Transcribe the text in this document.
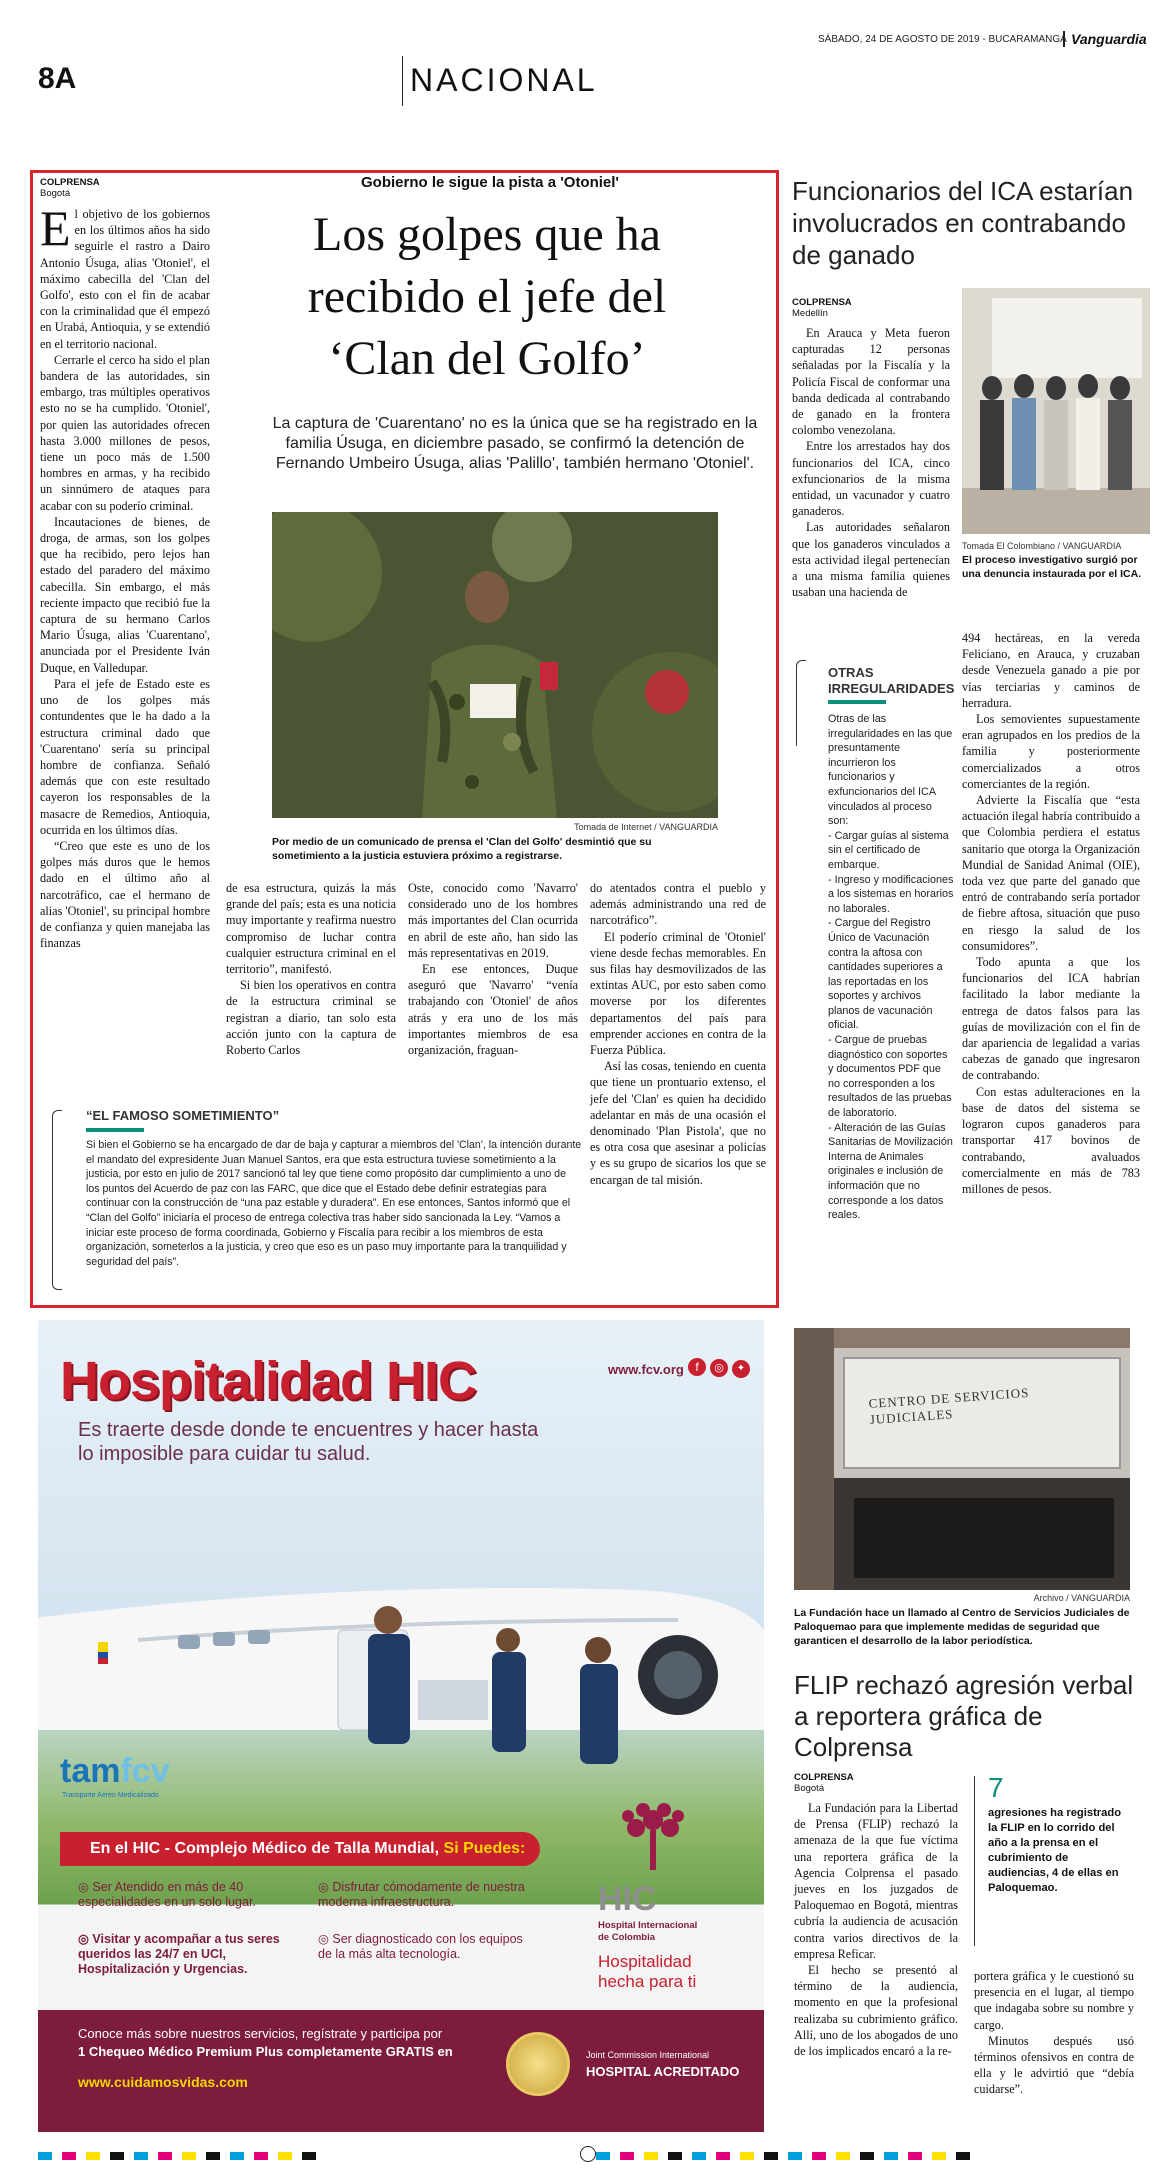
SÁBADO, 24 DE AGOSTO DE 2019 - BUCARAMANGA Vanguardia
8A	NACIONAL
Gobierno le sigue la pista a 'Otoniel'
Los golpes que ha recibido el jefe del ‘Clan del Golfo’
La captura de 'Cuarentano' no es la única que se ha registrado en la familia Úsuga, en diciembre pasado, se confirmó la detención de Fernando Umbeiro Úsuga, alias 'Palillo', también hermano 'Otoniel'.
COLPRENSA
Bogotá
E l objetivo de los gobiernos en los últimos años ha sido seguirle el rastro a Dairo Antonio Úsuga, alias 'Otoniel', el máximo cabecilla del 'Clan del Golfo', esto con el fin de acabar con la criminalidad que él empezó en Urabá, Antioquia, y se extendió en el territorio nacional.

Cerrarle el cerco ha sido el plan bandera de las autoridades, sin embargo, tras múltiples operativos esto no se ha cumplido. 'Otoniel', por quien las autoridades ofrecen hasta 3.000 millones de pesos, tiene un poco más de 1.500 hombres en armas, y ha recibido un sinnúmero de ataques para acabar con su poderío criminal.

Incautaciones de bienes, de droga, de armas, son los golpes que ha recibido, pero lejos han estado del paradero del máximo cabecilla. Sin embargo, el más reciente impacto que recibió fue la captura de su hermano Carlos Mario Úsuga, alias 'Cuarentano', anunciada por el Presidente Iván Duque, en Valledupar.

Para el jefe de Estado este es uno de los golpes más contundentes que le ha dado a la estructura criminal dado que 'Cuarentano' sería su principal hombre de confianza. Señaló además que con este resultado cayeron los responsables de la masacre de Remedios, Antioquia, ocurrida en los últimos días.

“Creo que este es uno de los golpes más duros que le hemos dado en el último año al narcotráfico, cae el hermano de alias 'Otoniel', su principal hombre de confianza y quien manejaba las finanzas

Tomada de Internet / VANGUARDIA
Por medio de un comunicado de prensa el 'Clan del Golfo' desmintió que su sometimiento a la justicia estuviera próximo a registrarse.

de esa estructura, quizás la más grande del país; esta es una noticia muy importante y reafirma nuestro compromiso de luchar contra cualquier estructura criminal en el territorio”, manifestó.

Si bien los operativos en contra de la estructura criminal se registran a diario, tan solo esta acción junto con la captura de Roberto Carlos

Oste, conocido como 'Navarro' considerado uno de los hombres más importantes del Clan ocurrida en abril de este año, han sido las más representativas en 2019.

En ese entonces, Duque aseguró que 'Navarro' “venía trabajando con 'Otoniel' de años atrás y era uno de los más importantes miembros de esa organización, fraguan-

do atentados contra el pueblo y además administrando una red de narcotráfico”.

El poderío criminal de 'Otoniel' viene desde fechas memorables. En sus filas hay desmovilizados de las extintas AUC, por esto saben como moverse por los diferentes departamentos del país para emprender acciones en contra de la Fuerza Pública.

Así las cosas, teniendo en cuenta que tiene un prontuario extenso, el jefe del 'Clan' es quien ha decidido adelantar en más de una ocasión el denominado 'Plan Pistola', que no es otra cosa que asesinar a policías y es su grupo de sicarios los que se encargan de tal misión.

“EL FAMOSO SOMETIMIENTO”
Si bien el Gobierno se ha encargado de dar de baja y capturar a miembros del 'Clan', la intención durante el mandato del expresidente Juan Manuel Santos, era que esta estructura tuviese sometimiento a la justicia, por esto en julio de 2017 sancionó tal ley que tiene como propósito dar cumplimiento a uno de los puntos del Acuerdo de paz con las FARC, que dice que el Estado debe definir estrategias para continuar con la construcción de “una paz estable y duradera”. En ese entonces, Santos informó que el “Clan del Golfo” iniciaría el proceso de entrega colectiva tras haber sido sancionada la Ley. “Vamos a iniciar este proceso de forma coordinada, Gobierno y Fiscalía para recibir a los miembros de esta organización, someterlos a la justicia, y creo que eso es un paso muy importante para la tranquilidad y seguridad del país”.
Funcionarios del ICA estarían involucrados en contrabando de ganado
COLPRENSA
Medellín

En Arauca y Meta fueron capturadas 12 personas señaladas por la Fiscalía y la Policía Fiscal de conformar una banda dedicada al contrabando de ganado en la frontera colombo venezolana.

Entre los arrestados hay dos funcionarios del ICA, cinco exfuncionarios de la misma entidad, un vacunador y cuatro ganaderos.

Las autoridades señalaron que los ganaderos vinculados a esta actividad ilegal pertenecían a una misma familia quienes usaban una hacienda de

Tomada El Colombiano / VANGUARDIA
El proceso investigativo surgió por una denuncia instaurada por el ICA.

494 hectáreas, en la vereda Feliciano, en Arauca, y cruzaban desde Venezuela ganado a pie por vías terciarias y caminos de herradura.

Los semovientes supuestamente eran agrupados en los predios de la familia y posteriormente comercializados a otros comerciantes de la región.

Advierte la Fiscalía que “esta actuación ilegal habría contribuido a que Colombia perdiera el estatus sanitario que otorga la Organización Mundial de Sanidad Animal (OIE), toda vez que parte del ganado que entró de contrabando sería portador de fiebre aftosa, situación que puso en riesgo la salud de los consumidores”.

Todo apunta a que los funcionarios del ICA habrían facilitado la labor mediante la entrega de datos falsos para las guías de movilización con el fin de dar apariencia de legalidad a varias cabezas de ganado que ingresaron de contrabando.

Con estas adulteraciones en la base de datos del sistema se lograron cupos ganaderos para transportar 417 bovinos de contrabando, avaluados comercialmente en más de 783 millones de pesos.

OTRAS
IRREGULARIDADES
Otras de las irregularidades en las que presuntamente incurrieron los funcionarios y exfuncionarios del ICA vinculados al proceso son:
- Cargar guías al sistema sin el certificado de embarque.
- Ingreso y modificaciones a los sistemas en horarios no laborales.
- Cargue del Registro Único de Vacunación contra la aftosa con cantidades superiores a las reportadas en los soportes y archivos planos de vacunación oficial.
- Cargue de pruebas diagnóstico con soportes y documentos PDF que no corresponden a los resultados de las pruebas de laboratorio.
- Alteración de las Guías Sanitarias de Movilización Interna de Animales originales e inclusión de información que no corresponde a los datos reales.
CENTRO DE SERVICIOS JUDICIALES
Archivo / VANGUARDIA
La Fundación hace un llamado al Centro de Servicios Judiciales de Paloquemao para que implemente medidas de seguridad que garanticen el desarrollo de la labor periodística.
FLIP rechazó agresión verbal a reportera gráfica de Colprensa
COLPRENSA
Bogotá

La Fundación para la Libertad de Prensa (FLIP) rechazó la amenaza de la que fue víctima una reportera gráfica de la Agencia Colprensa el pasado jueves en los juzgados de Paloquemao en Bogotá, mientras cubría la audiencia de acusación contra varios directivos de la empresa Reficar.

El hecho se presentó al término de la audiencia, momento en que la profesional realizaba su cubrimiento gráfico. Allí, uno de los abogados de uno de los implicados encaró a la re-

7
agresiones ha registrado la FLIP en lo corrido del año a la prensa en el cubrimiento de audiencias, 4 de ellas en Paloquemao.

portera gráfica y le cuestionó su presencia en el lugar, al tiempo que indagaba sobre su nombre y cargo.

Minutos después usó términos ofensivos en contra de ella y le advirtió que “debía cuidarse”.

Hospitalidad HIC	www.fcv.org f ◎ ✦
Es traerte desde donde te encuentres y hacer hasta lo imposible para cuidar tu salud.
tamfcv
Transporte Aéreo Medicalizado
En el HIC - Complejo Médico de Talla Mundial, Si Puedes:
◎ Ser Atendido en más de 40 especialidades en un solo lugar.
◎ Disfrutar cómodamente de nuestra moderna infraestructura.
◎ Visitar y acompañar a tus seres queridos las 24/7 en UCI, Hospitalización y Urgencias.
◎ Ser diagnosticado con los equipos de la más alta tecnología.
HIC
Hospital Internacional
de Colombia
Hospitalidad
hecha para ti
Conoce más sobre nuestros servicios, regístrate y participa por
1 Chequeo Médico Premium Plus completamente GRATIS en
www.cuidamosvidas.com
Joint Commission International
HOSPITAL ACREDITADO
